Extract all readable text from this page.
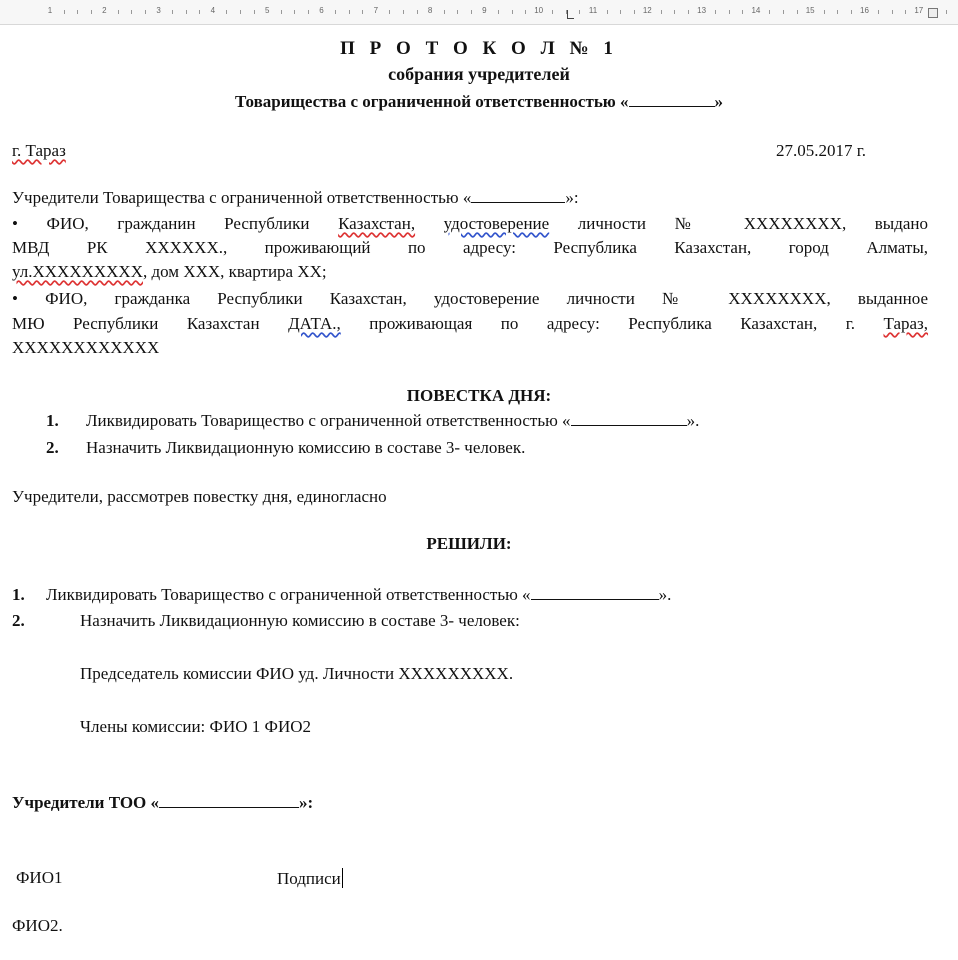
1	2	3	4	5	6	7	8	9	10	11	12	13	14	15	16	17
П Р О Т О К О Л № 1
собрания учредителей
Товарищества с ограниченной ответственностью «	»
г. Тараз	27.05.2017 г.
Учредители Товарищества с ограниченной ответственностью «	»:
• ФИО, гражданин Республики Казахстан, удостоверение личности № XXXXXXXX, выдано
МВД РК XXXXXX., проживающий по адресу: Республика Казахстан, город Алматы,
ул.XXXXXXXXX, дом XXX, квартира XX;
• ФИО, гражданка Республики Казахстан, удостоверение личности № XXXXXXXX, выданное
МЮ Республики Казахстан ДАТА., проживающая по адресу: Республика Казахстан, г. Тараз,
XXXXXXXXXXXX
ПОВЕСТКА ДНЯ:
1. Ликвидировать Товарищество с ограниченной ответственностью «	».
2. Назначить Ликвидационную комиссию в составе 3- человек.
Учредители, рассмотрев повестку дня, единогласно
РЕШИЛИ:
1. Ликвидировать Товарищество с ограниченной ответственностью «	».
2.	Назначить Ликвидационную комиссию в составе 3- человек:
Председатель комиссии ФИО уд. Личности XXXXXXXXX.
Члены комиссии: ФИО 1 ФИО2
Учредители ТОО «	»:
ФИО1	Подписи
ФИО2.
